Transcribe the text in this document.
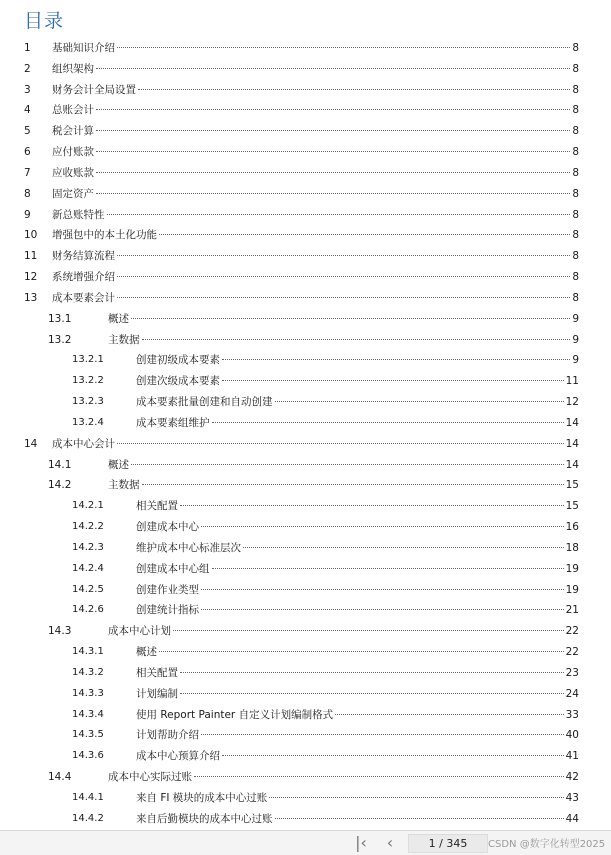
目录
1 基础知识介绍	8
2 组织架构	8
3 财务会计全局设置	8
4 总账会计	8
5 税会计算	8
6 应付账款	8
7 应收账款	8
8 固定资产	8
9 新总账特性	8
10 增强包中的本土化功能	8
11 财务结算流程	8
12 系统增强介绍	8
13 成本要素会计	8
13.1	概述	9
13.2	主数据	9
13.2.1	创建初级成本要素	9
13.2.2	创建次级成本要素	11
13.2.3	成本要素批量创建和自动创建	12
13.2.4	成本要素组维护	14
14 成本中心会计	14
14.1	概述	14
14.2	主数据	15
14.2.1	相关配置	15
14.2.2	创建成本中心	16
14.2.3	维护成本中心标准层次	18
14.2.4	创建成本中心组	19
14.2.5	创建作业类型	19
14.2.6	创建统计指标	21
14.3	成本中心计划	22
14.3.1	概述	22
14.3.2	相关配置	23
14.3.3	计划编制	24
14.3.4	使用 Report Painter 自定义计划编制格式	33
14.3.5	计划帮助介绍	40
14.3.6	成本中心预算介绍	41
14.4	成本中心实际过账	42
14.4.1	来自 FI 模块的成本中心过账	43
14.4.2	来自后勤模块的成本中心过账	44
|‹	‹	1 / 345	CSDN @数字化转型2025
